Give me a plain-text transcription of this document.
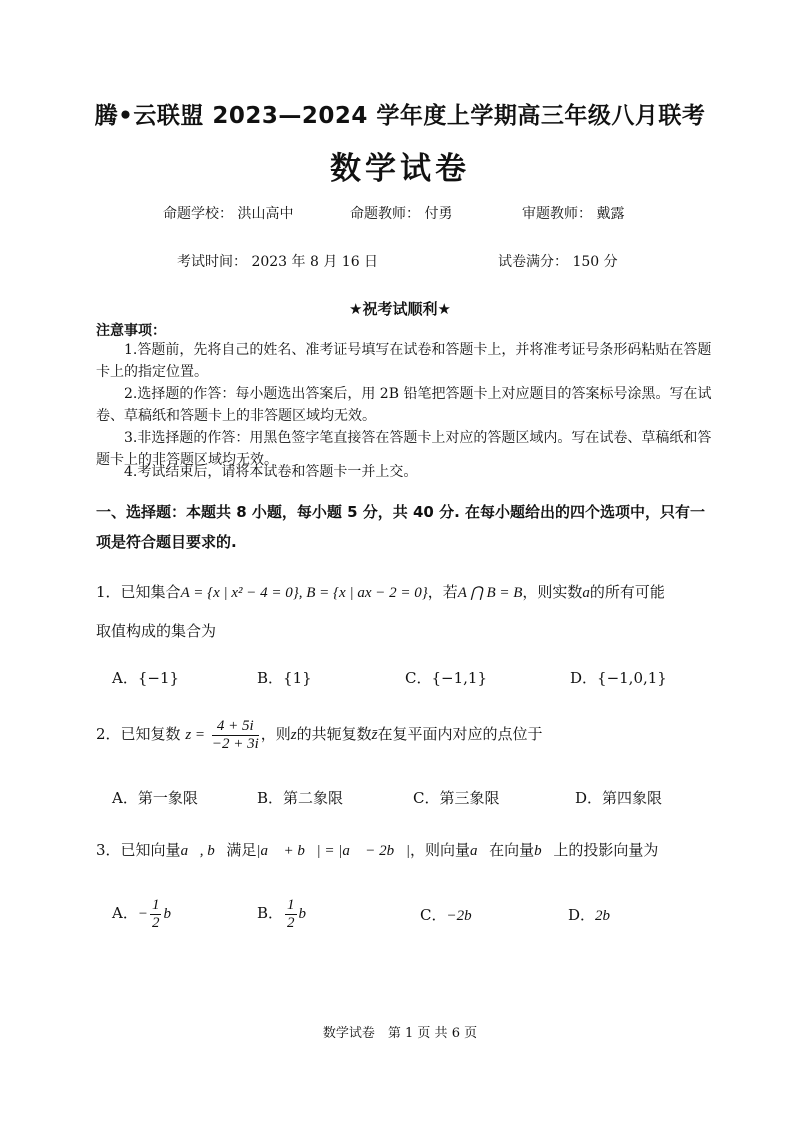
腾•云联盟 2023—2024 学年度上学期高三年级八月联考
数学试卷
命题学校： 洪山高中	命题教师： 付勇	审题教师： 戴露
考试时间： 2023 年 8 月 16 日	试卷满分： 150 分
★祝考试顺利★
注意事项：
1.答题前，先将自己的姓名、准考证号填写在试卷和答题卡上，并将准考证号条形码粘贴在答题卡上的指定位置。
2.选择题的作答：每小题选出答案后，用 2B 铅笔把答题卡上对应题目的答案标号涂黑。写在试卷、草稿纸和答题卡上的非答题区域均无效。
3.非选择题的作答：用黑色签字笔直接答在答题卡上对应的答题区域内。写在试卷、草稿纸和答题卡上的非答题区域均无效。
4.考试结束后，请将本试卷和答题卡一并上交。
一、选择题：本题共 8 小题，每小题 5 分，共 40 分. 在每小题给出的四个选项中，只有一项是符合题目要求的.
1．已知集合A = {x | x² − 4 = 0}, B = {x | ax − 2 = 0}，若A ⋂ B = B，则实数a的所有可能
取值构成的集合为
A．{−1}	B．{1}	C．{−1,1}	D．{−1,0,1}
2．已知复数 $z = \frac{4 + 5i}{-2 + 3i}$ ，则z的共轭复数z̄在复平面内对应的点位于
A．第一象限	B．第二象限	C．第三象限	D．第四象限
3．已知向量a⃗, b⃗满足|a⃗ + b⃗| = |a⃗ − 2b⃗|，则向量a⃗在向量b⃗上的投影向量为
A．− $\frac{1}{2}$ b⃗	B． $\frac{1}{2}$ b⃗	C．−2b⃗	D．2b⃗
数学试卷　第 1 页 共 6 页
